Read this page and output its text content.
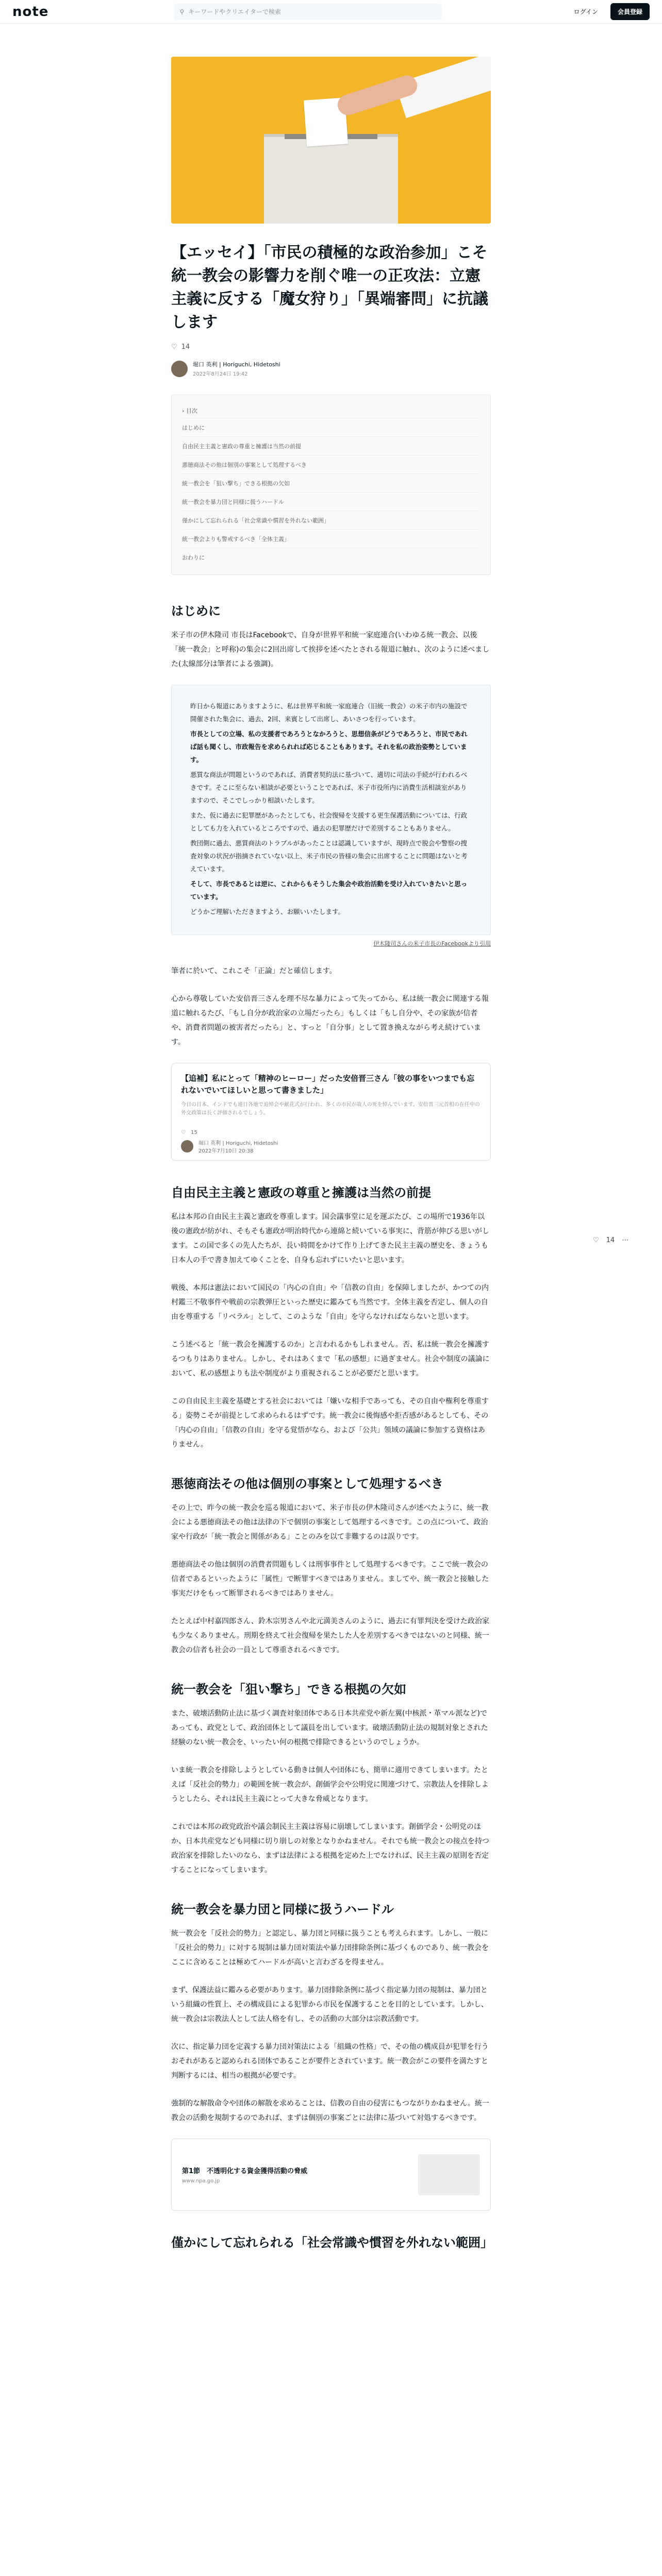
note	⚲ キーワードやクリエイターで検索	ログイン	会員登録
【エッセイ】「市民の積極的な政治参加」こそ統一教会の影響力を削ぐ唯一の正攻法：立憲主義に反する「魔女狩り」「異端審問」に抗議します
♡ 14
堀口 英利 | Horiguchi, Hidetoshi
2022年8月24日 19:42
› 目次
はじめに
自由民主主義と憲政の尊重と擁護は当然の前提
悪徳商法その他は個別の事案として処理するべき
統一教会を「狙い撃ち」できる根拠の欠如
統一教会を暴力団と同様に扱うハードル
僅かにして忘れられる「社会常識や慣習を外れない範囲」
統一教会よりも警戒するべき「全体主義」
おわりに
はじめに

米子市の伊木隆司 市長はFacebookで、自身が世界平和統一家庭連合(いわゆる統一教会、以後「統一教会」と呼称)の集会に2回出席して挨拶を述べたとされる報道に触れ、次のように述べました(太線部分は筆者による強調)。

昨日から報道にありますように、私は世界平和統一家庭連合（旧統一教会）の米子市内の施設で開催された集会に、過去、2回、来賓として出席し、あいさつを行っています。

市長としての立場、私の支援者であろうとなかろうと、思想信条がどうであろうと、市民であれば話も聞くし、市政報告を求められれば応じることもあります。それを私の政治姿勢としています。

悪質な商法が問題というのであれば、消費者契約法に基づいて、適切に司法の手続が行われるべきです。そこに至らない相談が必要ということであれば、米子市役所内に消費生活相談室がありますので、そこでしっかり相談いたします。

また、仮に過去に犯罪歴があったとしても、社会復帰を支援する更生保護活動については、行政としても力を入れているところですので、過去の犯罪歴だけで差別することもありません。

教団側に過去、悪質商法のトラブルがあったことは認識していますが、現時点で脱会や警察の捜査対象の状況が指摘されていない以上、米子市民の皆様の集会に出席することに問題はないと考えています。

そして、市長であるとは逆に、これからもそうした集会や政治活動を受け入れていきたいと思っています。

どうかご理解いただきますよう、お願いいたします。

伊木隆司さんの米子市長のFacebookより引用

筆者に於いて、これこそ「正論」だと確信します。

心から尊敬していた安倍晋三さんを理不尽な暴力によって失ってから、私は統一教会に関連する報道に触れるたび、「もし自分が政治家の立場だったら」もしくは「もし自分や、その家族が信者や、消費者問題の被害者だったら」と、すっと「自分事」として置き換えながら考え続けています。

【追補】私にとって「精神のヒーロー」だった安倍晋三さん「彼の事をいつまでも忘れないでいてほしいと思って書きました」
今日の日本、インドでも連日各地で追悼会や献花式が行われ、多くの市民が故人の死を悼んでいます。安倍晋三元首相の在任中の外交政策は長く評価されるでしょう。
♡ 15
堀口 英利 | Horiguchi, Hidetoshi
2022年7月10日 20:38
自由民主主義と憲政の尊重と擁護は当然の前提

私は本邦の自由民主主義と憲政を尊重します。国会議事堂に足を運ぶたび、この場所で1936年以後の憲政が紡がれ、そもそも憲政が明治時代から連綿と続いている事実に、背筋が伸びる思いがします。この国で多くの先人たちが、長い時間をかけて作り上げてきた民主主義の歴史を、きょうも日本人の手で書き加えてゆくことを、自身も忘れずにいたいと思います。

戦後、本邦は憲法において国民の「内心の自由」や「信教の自由」を保障しましたが、かつての内村鑑三不敬事件や戦前の宗教弾圧といった歴史に鑑みても当然です。全体主義を否定し、個人の自由を尊重する「リベラル」として、このような「自由」を守らなければならないと思います。

こう述べると「統一教会を擁護するのか」と言われるかもしれません。否、私は統一教会を擁護するつもりはありません。しかし、それはあくまで「私の感想」に過ぎません。社会や制度の議論において、私の感想よりも法や制度がより重視されることが必要だと思います。

この自由民主主義を基礎とする社会においては「嫌いな相手であっても、その自由や権利を尊重する」姿勢こそが前提として求められるはずです。統一教会に後悔感や拒否感があるとしても、その「内心の自由」「信教の自由」を守る覚悟がなら、および「公共」領域の議論に参加する資格はありません。

悪徳商法その他は個別の事案として処理するべき

その上で、昨今の統一教会を巡る報道において、米子市長の伊木隆司さんが述べたように、統一教会による悪徳商法その他は法律の下で個別の事案として処理するべきです。この点について、政治家や行政が「統一教会と関係がある」ことのみを以て非難するのは誤りです。

悪徳商法その他は個別の消費者問題もしくは刑事事件として処理するべきです。ここで統一教会の信者であるといったように「属性」で断罪すべきではありません。ましてや、統一教会と接触した事実だけをもって断罪されるべきではありません。

たとえば中村嘉四郎さん、鈴木宗男さんや北元満美さんのように、過去に有罪判決を受けた政治家も少なくありません。刑期を終えて社会復帰を果たした人を差別するべきではないのと同様、統一教会の信者も社会の一員として尊重されるべきです。

統一教会を「狙い撃ち」できる根拠の欠如

また、破壊活動防止法に基づく調査対象団体である日本共産党や新左翼(中核派・革マル派など)であっても、政党として、政治団体として議員を出しています。破壊活動防止法の規制対象とされた経験のない統一教会を、いったい何の根拠で排除できるというのでしょうか。

いま統一教会を排除しようとしている動きは個人や団体にも、簡単に適用できてしまいます。たとえば「反社会的勢力」の範囲を統一教会が、創価学会や公明党に関連づけて、宗教法人を排除しようとしたら、それは民主主義にとって大きな脅威となります。

これでは本邦の政党政治や議会制民主主義は容易に崩壊してしまいます。創価学会・公明党のほか、日本共産党なども同様に切り崩しの対象となりかねません。それでも統一教会との接点を持つ政治家を排除したいのなら、まずは法律による根拠を定めた上でなければ、民主主義の原則を否定することになってしまいます。

統一教会を暴力団と同様に扱うハードル

統一教会を「反社会的勢力」と認定し、暴力団と同様に扱うことも考えられます。しかし、一般に「反社会的勢力」に対する規制は暴力団対策法や暴力団排除条例に基づくものであり、統一教会をここに含めることは極めてハードルが高いと言わざるを得ません。

まず、保護法益に鑑みる必要があります。暴力団排除条例に基づく指定暴力団の規制は、暴力団という組織の性質上、その構成員による犯罪から市民を保護することを目的としています。しかし、統一教会は宗教法人として法人格を有し、その活動の大部分は宗教活動です。

次に、指定暴力団を定義する暴力団対策法による「組織の性格」で、その他の構成員が犯罪を行うおそれがあると認められる団体であることが要件とされています。統一教会がこの要件を満たすと判断するには、相当の根拠が必要です。

強制的な解散命令や団体の解散を求めることは、信教の自由の侵害にもつながりかねません。統一教会の活動を規制するのであれば、まずは個別の事案ごとに法律に基づいて対処するべきです。

第1節　不透明化する資金獲得活動の脅威
www.npa.go.jp
僅かにして忘れられる「社会常識や慣習を外れない範囲」
♡ 14 ⋯
